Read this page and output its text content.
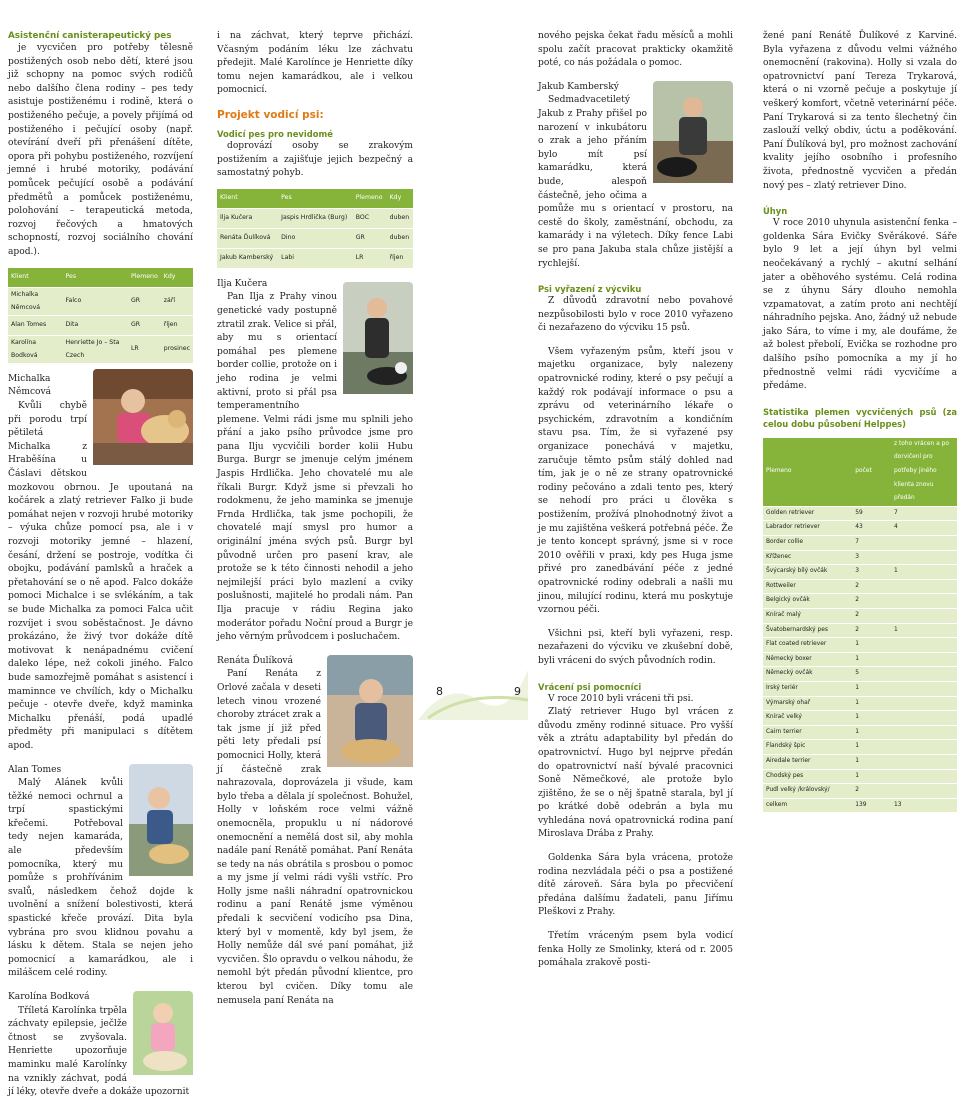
Asistenční canisterapeutický pes

je vycvičen pro potřeby tělesně postižených osob nebo dětí, které jsou již schopny na pomoc svých rodičů nebo dalšího člena rodiny – pes tedy asistuje postiženému i rodině, která o postiženého pečuje, a povely přijímá od postiženého i pečující osoby (např. otevírání dveří při přenášení dítěte, opora při pohybu postiženého, rozvíjení jemné i hrubé motoriky, podávání pomůcek pečující osobě a podávání předmětů a pomůcek postiženému, polohování – terapeutická metoda, rozvoj řečových a hmatových schopností, rozvoj sociálního chování apod.).

Klient	Pes	Plemeno	Kdy
Michalka Němcová	Falco	GR	září
Alan Tomes	Dita	GR	říjen
Karolína Bodková	Henriette Jo – Sta Czech	LR	prosinec

Michalka Němcová

Kvůli chybě při porodu trpí pětiletá Michalka z Hraběšína u Čáslavi dětskou mozkovou obrnou. Je upoutaná na kočárek a zlatý retriever Falko ji bude pomáhat nejen v rozvoji hrubé motoriky – výuka chůze pomocí psa, ale i v rozvoji motoriky jemné – hlazení, česání, držení se postroje, vodítka či obojku, podávání pamlsků a hraček a přetahování se o ně apod. Falco dokáže pomoci Michalce i se svlékáním, a tak se bude Michalka za pomoci Falca učit rozvíjet i svou soběstačnost. Je dávno prokázáno, že živý tvor dokáže dítě motivovat k nenápadnému cvičení daleko lépe, než cokoli jiného. Falco bude samozřejmě pomáhat s asistencí i maminnce ve chvílích, kdy o Michalku pečuje - otevře dveře, když maminka Michalku přenáší, podá upadlé předměty při manipulaci s dítětem apod.

Alan Tomes

Malý Alánek kvůli těžké nemoci ochrnul a trpí spastickými křečemi. Potřeboval tedy nejen kamaráda, ale především pomocníka, který mu pomůže s prohřívánim svalů, následkem čehož dojde k uvolnění a snížení bolestivosti, která spastické křeče provází. Dita byla vybrána pro svou klidnou povahu a lásku k dětem. Stala se nejen jeho pomocnicí a kamarádkou, ale i milášcem celé rodiny.

Karolína Bodková

Tříletá Karolínka trpěla záchvaty epilepsie, ječlže čtnost se zvyšovala. Henriette upozorňuje maminku malé Karolínky na vznikly záchvat, podá jí léky, otevře dveře a dokáže upozornit

i na záchvat, který teprve přichází. Včasným podáním léku lze záchvatu předejit. Malé Karolínce je Henriette díky tomu nejen kamarádkou, ale i velkou pomocnicí.

Projekt vodicí psi:

Vodicí pes pro nevidomé

doprovází osoby se zrakovým postižením a zajišťuje jejich bezpečný a samostatný pohyb.

Klient	Pes	Plemeno	Kdy
Ilja Kučera	Jaspis Hrdlička (Burg)	BOC	duben
Renáta Ďulíková	Dino	GR	duben
Jakub Kamberský	Labi	LR	říjen

Ilja Kučera

Pan Ilja z Prahy vinou genetické vady postupně ztratil zrak. Velice si přál, aby mu s orientací pomáhal pes plemene border collie, protože on i jeho rodina je velmi aktivní, proto si přál psa temperamentního plemene. Velmi rádi jsme mu splnili jeho přání a jako psího průvodce jsme pro pana Ilju vycvičili border kolii Hubu Burga. Burgr se jmenuje celým jménem Jaspis Hrdlička. Jeho chovatelé mu ale říkali Burgr. Když jsme si převzali ho rodokmenu, že jeho maminka se jmenuje Frnda Hrdlička, tak jsme pochopili, že chovatelé mají smysl pro humor a originální jména svých psů. Burgr byl původně určen pro pasení krav, ale protože se k této činnosti nehodil a jeho nejmilejší práci bylo mazlení a cviky poslušnosti, majitelé ho prodali nám. Pan Ilja pracuje v rádiu Regina jako moderátor pořadu Noční proud a Burgr je jeho věrným průvodcem i posluchačem.

Renáta Ďulíková

Paní Renáta z Orlové začala v deseti letech vinou vrozené choroby ztrácet zrak a tak jsme jí již před pěti lety předali psí pomocnici Holly, která jí částečně zrak nahrazovala, doprovázela ji všude, kam bylo třeba a dělala jí společnost. Bohužel, Holly v loňském roce velmi vážně onemocněla, propuklu u ní nádorové onemocnění a nemělá dost sil, aby mohla nadále paní Renátě pomáhat. Paní Renáta se tedy na nás obrátila s prosbou o pomoc a my jsme jí velmi rádi vyšli vstříc. Pro Holly jsme našli náhradní opatrovnickou rodinu a paní Renátě jsme výměnou předali k secvičení vodicího psa Dina, který byl v momentě, kdy byl jsem, že Holly nemůže dál své paní pomáhat, již vycvičen. Šlo opravdu o velkou náhodu, že nemohl být předán původní klientce, pro kterou byl cvičen. Díky tomu ale nemusela paní Renáta na

8	9

nového pejska čekat řadu měsíců a mohli spolu začít pracovat prakticky okamžitě poté, co nás požádala o pomoc.

Jakub Kamberský

Sedmadvacetiletý Jakub z Prahy přišel po narození v inkubátoru o zrak a jeho přáním bylo mít psí kamarádku, která bude, alespoň částečně, jeho očima a pomůže mu s orientací v prostoru, na cestě do školy, zaměstnání, obchodu, za kamarády i na výletech. Díky fence Labi se pro pana Jakuba stala chůze jistější a rychlejší.

Psi vyřazení z výcviku

Z důvodů zdravotní nebo povahové nezpůsobilosti bylo v roce 2010 vyřazeno či nezařazeno do výcviku 15 psů.

Všem vyřazeným psům, kteří jsou v majetku organizace, byly nalezeny opatrovnické rodiny, které o psy pečují a každý rok podávají informace o psu a zprávu od veterinárního lékaře o psychickém, zdravotním a kondičním stavu psa. Tím, že si vyřazené psy organizace ponechává v majetku, zaručuje těmto psům stálý dohled nad tím, jak je o ně ze strany opatrovnické rodiny pečováno a zdali tento pes, který se nehodí pro práci u člověka s postižením, prožívá plnohodnotný život a je mu zajištěna veškerá potřebná péče. Že je tento koncept správný, jsme si v roce 2010 ověřili v praxi, kdy pes Huga jsme přivé pro zanedbávání péče z jedné opatrovnické rodiny odebrali a našli mu jinou, milující rodinu, která mu poskytuje vzornou péči.

Všichni psi, kteří byli vyřazeni, resp. nezařazeni do výcviku ve zkušební době, byli vráceni do svých původních rodin.

Vrácení psi pomocníci

V roce 2010 byli vráceni tři psi.

Zlatý retriever Hugo byl vrácen z důvodu změny rodinné situace. Pro vyšší věk a ztrátu adaptability byl předán do opatrovnictví. Hugo byl nejprve předán do opatrovnictví naší bývalé pracovnici Soně Němečkové, ale protože bylo zjištěno, že se o něj špatně starala, byl jí po krátké době odebrán a byla mu vyhledána nová opatrovnická rodina paní Miroslava Drába z Prahy.

Goldenka Sára byla vrácena, protože rodina nezvládala péči o psa a postižené dítě zároveň. Sára byla po přecvičení předána dalšímu žadateli, panu Jiřímu Pleškovi z Prahy.

Třetím vráceným psem byla vodicí fenka Holly ze Smolinky, která od r. 2005 pomáhala zrakově posti-

žené paní Renátě Ďulíkové z Karviné. Byla vyřazena z důvodu velmi vážného onemocnění (rakovina). Holly si vzala do opatrovnictví paní Tereza Trykarová, která o ni vzorně pečuje a poskytuje jí veškerý komfort, včetně veterinární péče. Paní Trykarová si za tento šlechetný čin zaslouží velký obdiv, úctu a poděkování. Paní Ďulíková byl, pro možnost zachování kvality jejího osobního i profesního života, přednostně vycvičen a předán nový pes – zlatý retriever Dino.

Úhyn

V roce 2010 uhynula asistenční fenka – goldenka Sára Evičky Svěrákové. Sáře bylo 9 let a její úhyn byl velmi neočekávaný a rychlý – akutní selhání jater a oběhového systému. Celá rodina se z úhynu Sáry dlouho nemohla vzpamatovat, a zatím proto ani nechtějí náhradního pejska. Ano, žádný už nebude jako Sára, to víme i my, ale doufáme, že až bolest přebolí, Evička se rozhodne pro dalšího psího pomocníka a my jí ho přednostně velmi rádi vycvičíme a předáme.

Statistika plemen vycvičených psů (za celou dobu působení Helppes)

Plemeno	počet	z toho vrácen a po dorvičení pro potřeby jiného klienta znovu předán
Golden retriever	59	7
Labrador retriever	43	4
Border collie	7	
Kříženec	3	
Švýcarský bílý ovčák	3	1
Rottweiler	2	
Belgický ovčák	2	
Knírač malý	2	
Švatobernardský pes	2	1
Flat coated retriever	1	
Německý boxer	1	
Německý ovčák	5	
Irský teriér	1	
Výmarský ohař	1	
Knírač velký	1	
Cairn terrier	1	
Flandský špic	1	
Airedale terrier	1	
Chodský pes	1	
Pudl velký /královský/	2	
celkem	139	13
